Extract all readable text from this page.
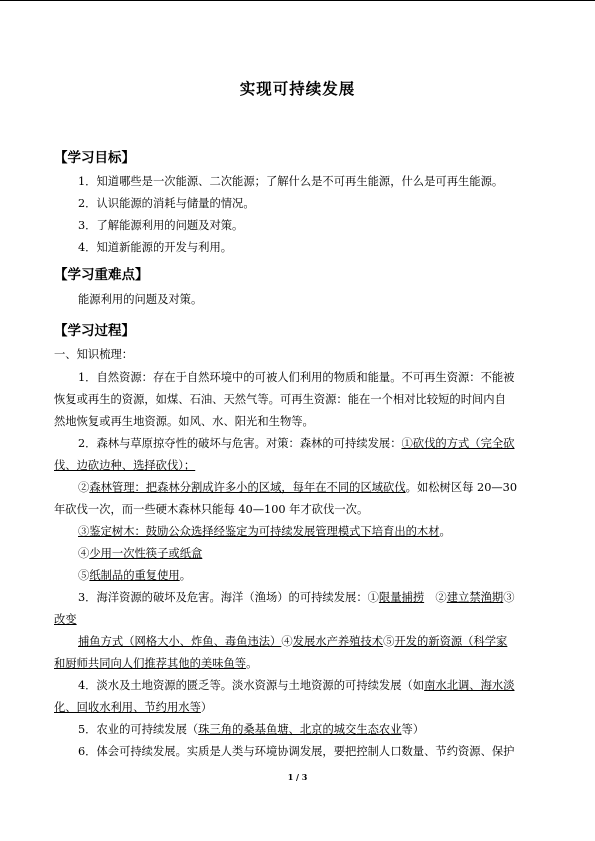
实现可持续发展
【学习目标】
1．知道哪些是一次能源、二次能源；了解什么是不可再生能源，什么是可再生能源。
2．认识能源的消耗与储量的情况。
3．了解能源利用的问题及对策。
4．知道新能源的开发与利用。
【学习重难点】
能源利用的问题及对策。
【学习过程】
一、知识梳理：
1．自然资源：存在于自然环境中的可被人们利用的物质和能量。不可再生资源：不能被
恢复或再生的资源，如煤、石油、天然气等。可再生资源：能在一个相对比较短的时间内自
然地恢复或再生地资源。如风、水、阳光和生物等。
2．森林与草原掠夺性的破坏与危害。对策：森林的可持续发展：①砍伐的方式（完全砍
伐、边砍边种、选择砍伐）；
②森林管理：把森林分割成许多小的区域，每年在不同的区域砍伐。如松树区每 20—30
年砍伐一次，而一些硬木森林只能每 40—100 年才砍伐一次。
③鉴定树木：鼓励公众选择经鉴定为可持续发展管理模式下培育出的木材。
④少用一次性筷子或纸盒
⑤纸制品的重复使用。
3．海洋资源的破坏及危害。海洋（渔场）的可持续发展：①限量捕捞　②建立禁渔期③
改变
捕鱼方式（网格大小、炸鱼、毒鱼违法）④发展水产养殖技术⑤开发的新资源（科学家
和厨师共同向人们推荐其他的美味鱼等。
4．淡水及土地资源的匮乏等。淡水资源与土地资源的可持续发展（如南水北调、海水淡
化、回收水利用、节约用水等）
5．农业的可持续发展（珠三角的桑基鱼塘、北京的城交生态农业等）
6．体会可持续发展。实质是人类与环境协调发展，要把控制人口数量、节约资源、保护
1 / 3
